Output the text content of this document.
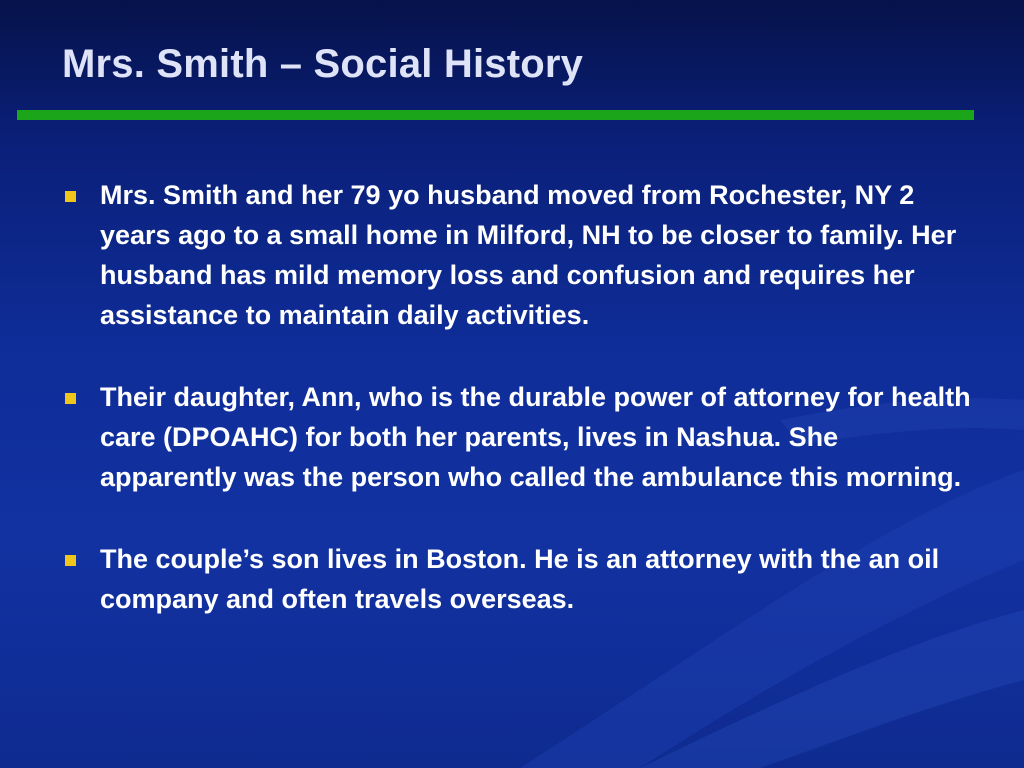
Mrs. Smith – Social History
Mrs. Smith and her 79 yo husband moved from Rochester, NY 2 years ago to a small home in Milford, NH to be closer to family. Her husband has mild memory loss and confusion and requires her assistance to maintain daily activities.
Their daughter, Ann, who is the durable power of attorney for health care (DPOAHC) for both her parents, lives in Nashua. She apparently was the person who called the ambulance this morning.
The couple’s son lives in Boston. He is an attorney with the an oil company and often travels overseas.
